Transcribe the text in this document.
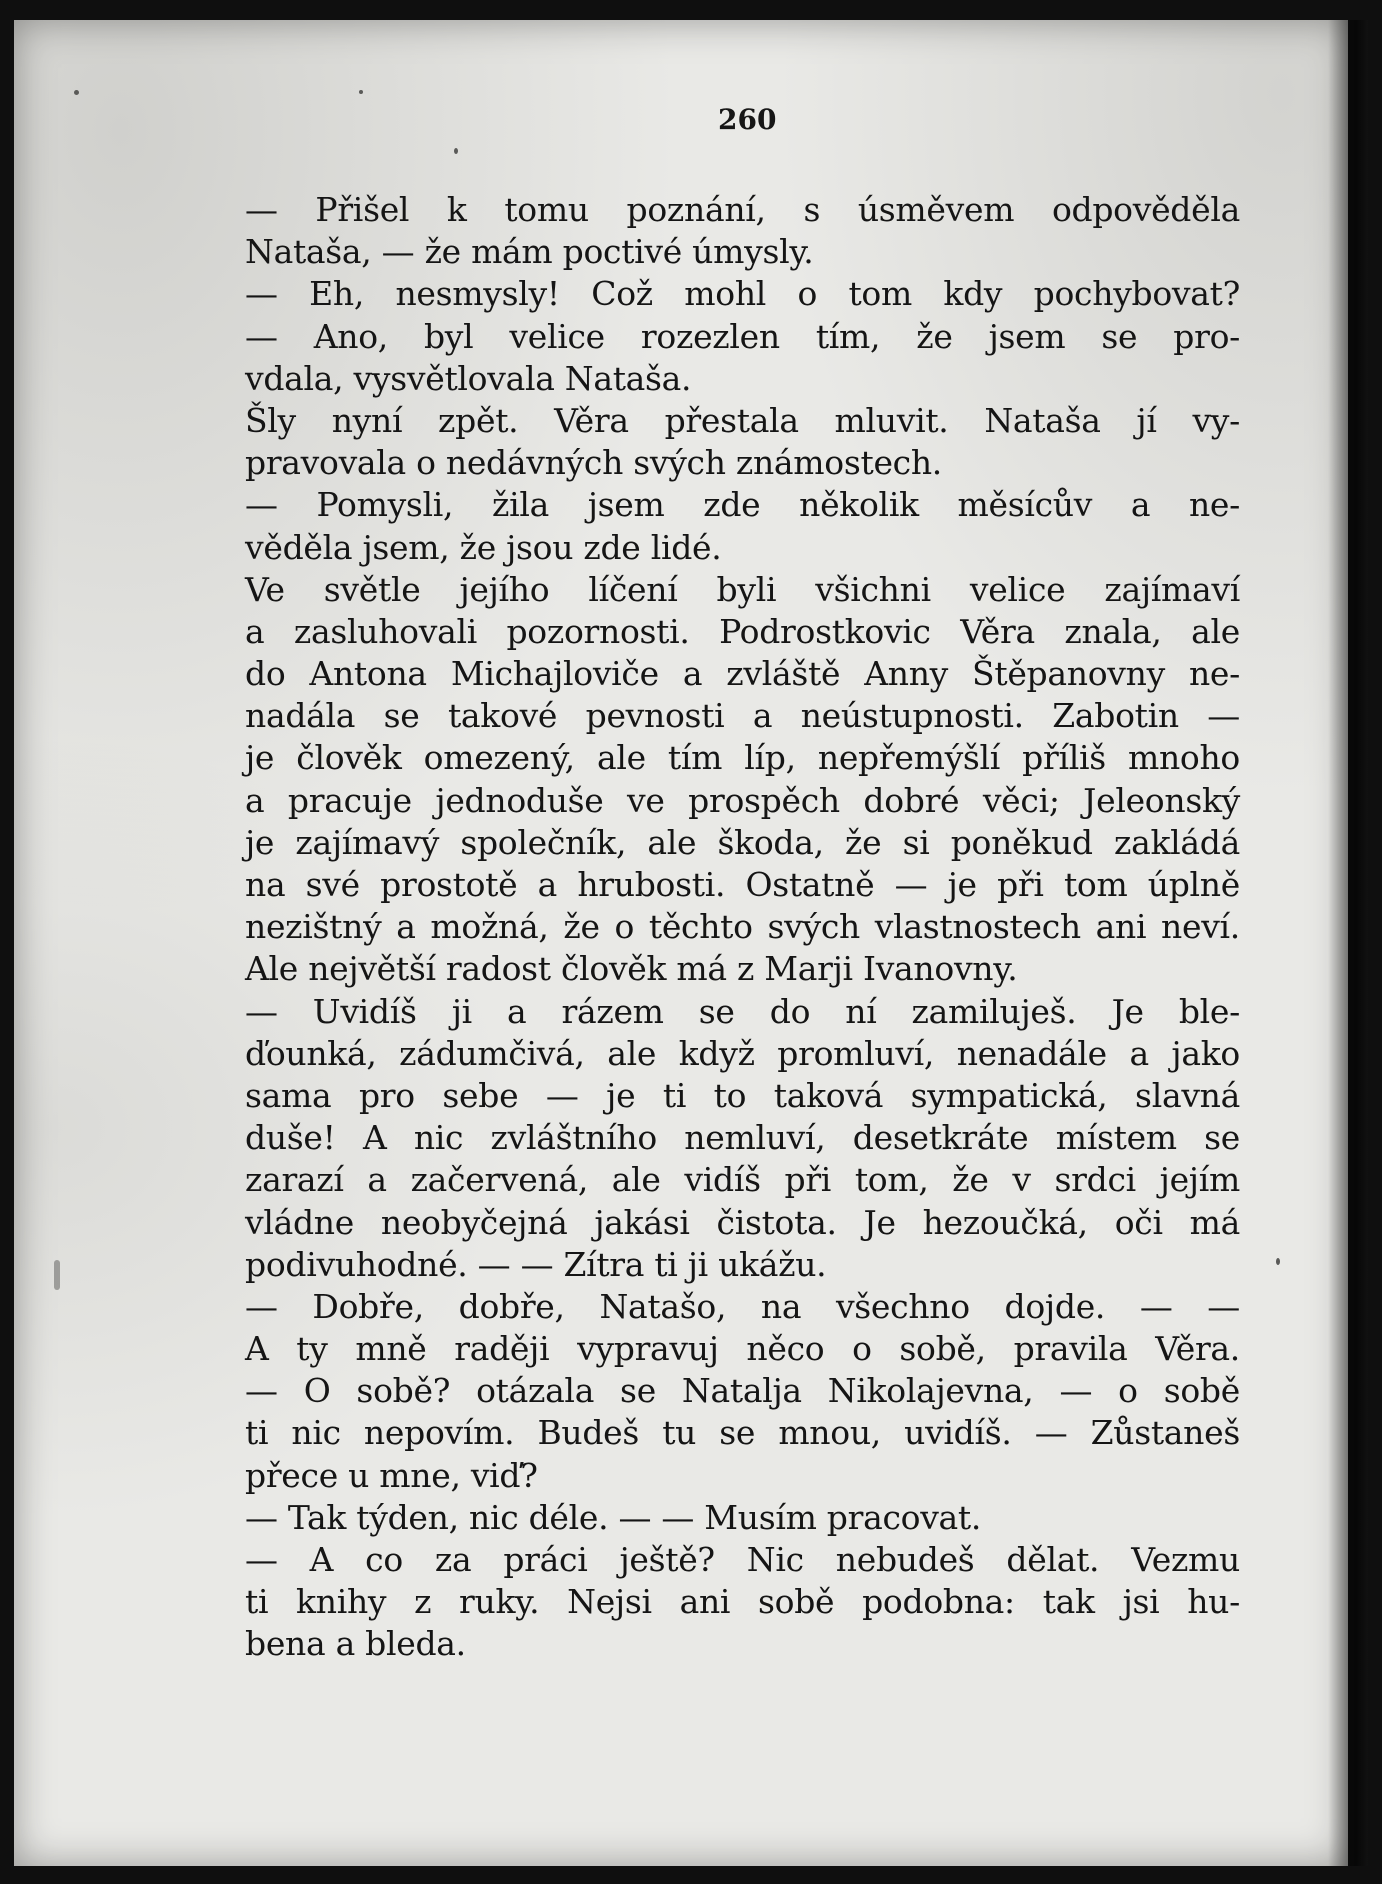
260
— Přišel k tomu poznání, s úsměvem odpověděla
Nataša, — že mám poctivé úmysly.
— Eh, nesmysly! Což mohl o tom kdy pochybovat?
— Ano, byl velice rozezlen tím, že jsem se pro-
vdala, vysvětlovala Nataša.
Šly nyní zpět. Věra přestala mluvit. Nataša jí vy-
pravovala o nedávných svých známostech.
— Pomysli, žila jsem zde několik měsícův a ne-
věděla jsem, že jsou zde lidé.
Ve světle jejího líčení byli všichni velice zajímaví
a zasluhovali pozornosti. Podrostkovic Věra znala, ale
do Antona Michajloviče a zvláště Anny Štěpanovny ne-
nadála se takové pevnosti a neústupnosti. Zabotin —
je člověk omezený, ale tím líp, nepřemýšlí příliš mnoho
a pracuje jednoduše ve prospěch dobré věci; Jeleonský
je zajímavý společník, ale škoda, že si poněkud zakládá
na své prostotě a hrubosti. Ostatně — je při tom úplně
nezištný a možná, že o těchto svých vlastnostech ani neví.
Ale největší radost člověk má z Marji Ivanovny.
— Uvidíš ji a rázem se do ní zamiluješ. Je ble-
ďounká, zádumčivá, ale když promluví, nenadále a jako
sama pro sebe — je ti to taková sympatická, slavná
duše! A nic zvláštního nemluví, desetkráte místem se
zarazí a začervená, ale vidíš při tom, že v srdci jejím
vládne neobyčejná jakási čistota. Je hezoučká, oči má
podivuhodné. — — Zítra ti ji ukážu.
— Dobře, dobře, Natašo, na všechno dojde. — —
A ty mně raději vypravuj něco o sobě, pravila Věra.
— O sobě? otázala se Natalja Nikolajevna, — o sobě
ti nic nepovím. Budeš tu se mnou, uvidíš. — Zůstaneš
přece u mne, viď?
— Tak týden, nic déle. — — Musím pracovat.
— A co za práci ještě? Nic nebudeš dělat. Vezmu
ti knihy z ruky. Nejsi ani sobě podobna: tak jsi hu-
bena a bleda.
